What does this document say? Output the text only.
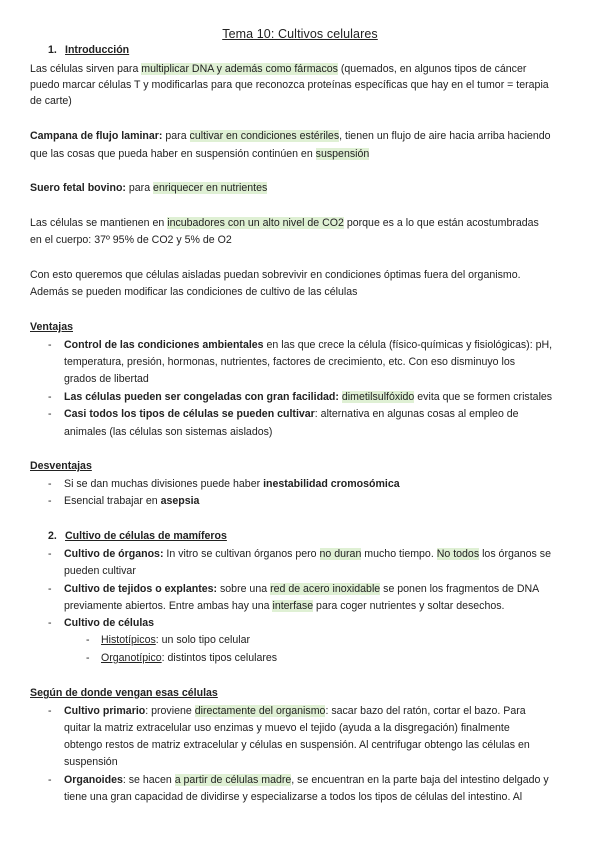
Tema 10: Cultivos celulares
1. Introducción
Las células sirven para multiplicar DNA y además como fármacos (quemados, en algunos tipos de cáncer
puedo marcar células T y modificarlas para que reconozca proteínas específicas que hay en el tumor = terapia
de carte)
Campana de flujo laminar: para cultivar en condiciones estériles, tienen un flujo de aire hacia arriba haciendo
que las cosas que pueda haber en suspensión continúen en suspensión
Suero fetal bovino: para enriquecer en nutrientes
Las células se mantienen en incubadores con un alto nivel de CO2 porque es a lo que están acostumbradas
en el cuerpo: 37º 95% de CO2 y 5% de O2
Con esto queremos que células aisladas puedan sobrevivir en condiciones óptimas fuera del organismo.
Además se pueden modificar las condiciones de cultivo de las células
Ventajas
- Control de las condiciones ambientales en las que crece la célula (físico-químicas y fisiológicas): pH,
temperatura, presión, hormonas, nutrientes, factores de crecimiento, etc. Con eso disminuyo los
grados de libertad
- Las células pueden ser congeladas con gran facilidad: dimetilsulfóxido evita que se formen cristales
- Casi todos los tipos de células se pueden cultivar: alternativa en algunas cosas al empleo de
animales (las células son sistemas aislados)
Desventajas
- Si se dan muchas divisiones puede haber inestabilidad cromosómica
- Esencial trabajar en asepsia
2. Cultivo de células de mamíferos
- Cultivo de órganos: In vitro se cultivan órganos pero no duran mucho tiempo. No todos los órganos se
pueden cultivar
- Cultivo de tejidos o explantes: sobre una red de acero inoxidable se ponen los fragmentos de DNA
previamente abiertos. Entre ambas hay una interfase para coger nutrientes y soltar desechos.
- Cultivo de células
- Histotípicos: un solo tipo celular
- Organotípico: distintos tipos celulares
Según de donde vengan esas células
- Cultivo primario: proviene directamente del organismo: sacar bazo del ratón, cortar el bazo. Para
quitar la matriz extracelular uso enzimas y muevo el tejido (ayuda a la disgregación) finalmente
obtengo restos de matriz extracelular y células en suspensión. Al centrifugar obtengo las células en
suspensión
- Organoides: se hacen a partir de células madre, se encuentran en la parte baja del intestino delgado y
tiene una gran capacidad de dividirse y especializarse a todos los tipos de células del intestino. Al
